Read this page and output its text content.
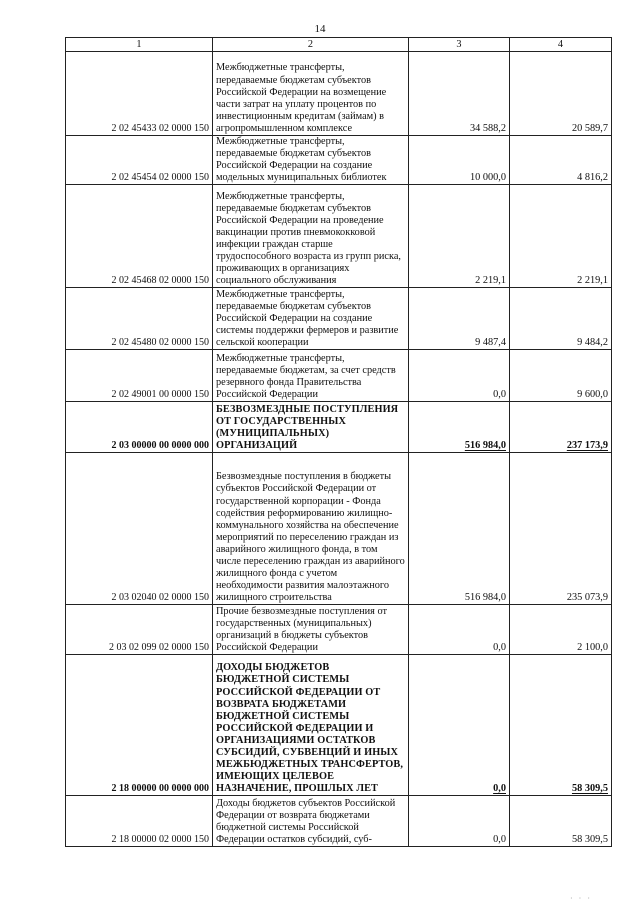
14
1	2	3	4
2 02 45433 02 0000 150	Межбюджетные трансферты, передаваемые бюджетам субъектов Российской Федерации на возмещение части затрат на уплату процентов по инвестиционным кредитам (займам) в агропромышленном комплексе	34 588,2	20 589,7
2 02 45454 02 0000 150	Межбюджетные трансферты, передаваемые бюджетам субъектов Российской Федерации на создание модельных муниципальных библиотек	10 000,0	4 816,2
2 02 45468 02 0000 150	Межбюджетные трансферты, передаваемые бюджетам субъектов Российской Федерации на проведение вакцинации против пневмококковой инфекции граждан старше трудоспособного возраста из групп риска, проживающих в организациях социального обслуживания	2 219,1	2 219,1
2 02 45480 02 0000 150	Межбюджетные трансферты, передаваемые бюджетам субъектов Российской Федерации на создание системы поддержки фермеров и развитие сельской кооперации	9 487,4	9 484,2
2 02 49001 00 0000 150	Межбюджетные трансферты, передаваемые бюджетам, за счет средств резервного фонда Правительства Российской Федерации	0,0	9 600,0
2 03 00000 00 0000 000	БЕЗВОЗМЕЗДНЫЕ ПОСТУПЛЕНИЯ ОТ ГОСУДАРСТВЕННЫХ (МУНИЦИПАЛЬНЫХ) ОРГАНИЗАЦИЙ	516 984,0	237 173,9
2 03 02040 02 0000 150	Безвозмездные поступления в бюджеты субъектов Российской Федерации от государственной корпорации - Фонда содействия реформированию жилищно-коммунального хозяйства на обеспечение мероприятий по переселению граждан из аварийного жилищного фонда, в том числе переселению граждан из аварийного жилищного фонда с учетом необходимости развития малоэтажного жилищного строительства	516 984,0	235 073,9
2 03 02 099 02 0000 150	Прочие безвозмездные поступления от государственных (муниципальных) организаций в бюджеты субъектов Российской Федерации	0,0	2 100,0
2 18 00000 00 0000 000	ДОХОДЫ БЮДЖЕТОВ БЮДЖЕТНОЙ СИСТЕМЫ РОССИЙСКОЙ ФЕДЕРАЦИИ ОТ ВОЗВРАТА БЮДЖЕТАМИ БЮДЖЕТНОЙ СИСТЕМЫ РОССИЙСКОЙ ФЕДЕРАЦИИ И ОРГАНИЗАЦИЯМИ ОСТАТКОВ СУБСИДИЙ, СУБВЕНЦИЙ И ИНЫХ МЕЖБЮДЖЕТНЫХ ТРАНСФЕРТОВ, ИМЕЮЩИХ ЦЕЛЕВОЕ НАЗНАЧЕНИЕ, ПРОШЛЫХ ЛЕТ	0,0	58 309,5
2 18 00000 02 0000 150	Доходы бюджетов субъектов Российской Федерации от возврата бюджетами бюджетной системы Российской Федерации остатков субсидий, суб-	0,0	58 309,5
· · ·
